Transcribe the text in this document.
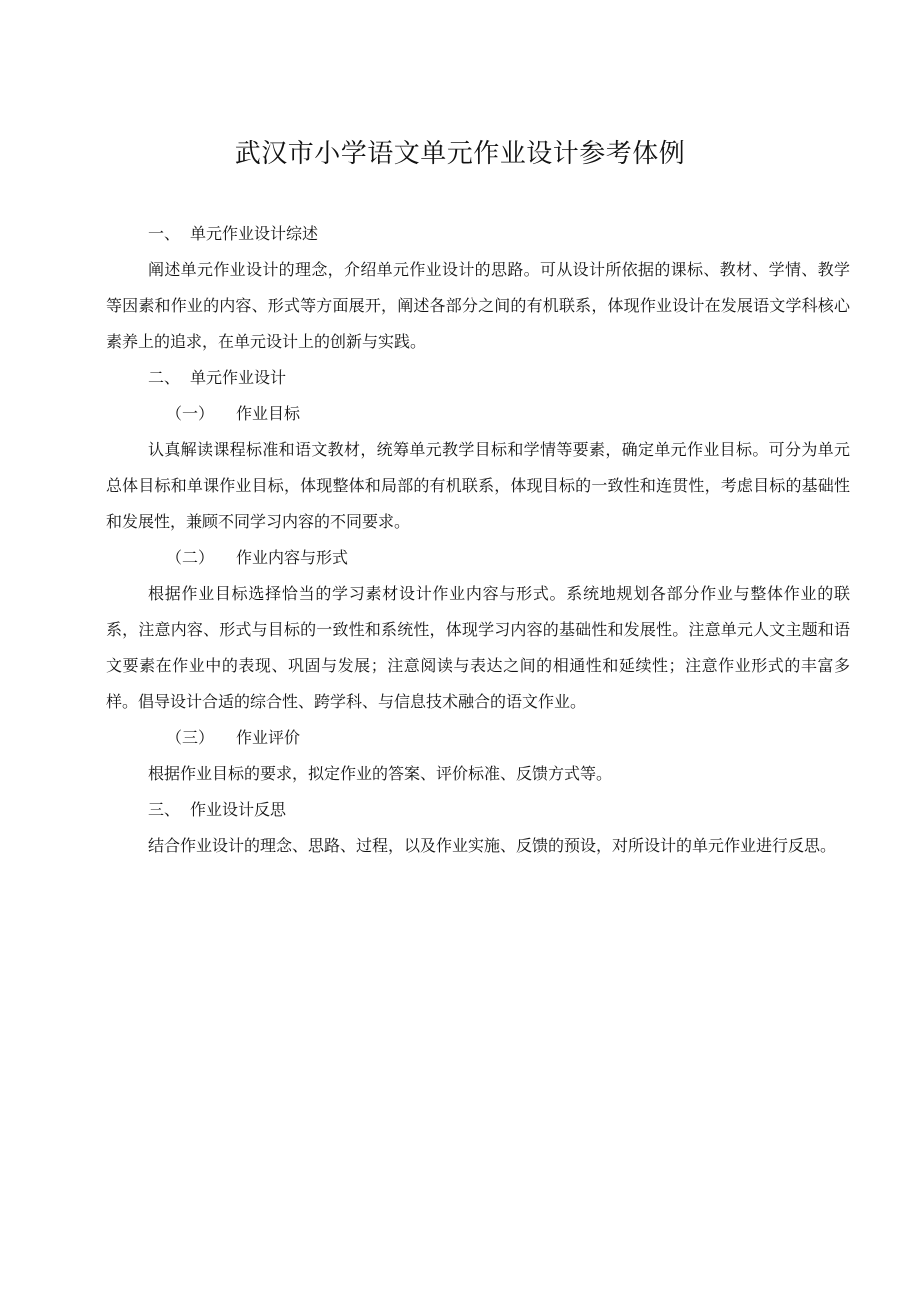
武汉市小学语文单元作业设计参考体例

一、 单元作业设计综述

阐述单元作业设计的理念，介绍单元作业设计的思路。可从设计所依据的课标、教材、学情、教学等因素和作业的内容、形式等方面展开，阐述各部分之间的有机联系，体现作业设计在发展语文学科核心素养上的追求，在单元设计上的创新与实践。

二、 单元作业设计

（一） 作业目标

认真解读课程标准和语文教材，统筹单元教学目标和学情等要素，确定单元作业目标。可分为单元总体目标和单课作业目标，体现整体和局部的有机联系，体现目标的一致性和连贯性，考虑目标的基础性和发展性，兼顾不同学习内容的不同要求。

（二） 作业内容与形式

根据作业目标选择恰当的学习素材设计作业内容与形式。系统地规划各部分作业与整体作业的联系，注意内容、形式与目标的一致性和系统性，体现学习内容的基础性和发展性。注意单元人文主题和语文要素在作业中的表现、巩固与发展；注意阅读与表达之间的相通性和延续性；注意作业形式的丰富多样。倡导设计合适的综合性、跨学科、与信息技术融合的语文作业。

（三） 作业评价

根据作业目标的要求，拟定作业的答案、评价标准、反馈方式等。

三、 作业设计反思

结合作业设计的理念、思路、过程，以及作业实施、反馈的预设，对所设计的单元作业进行反思。
